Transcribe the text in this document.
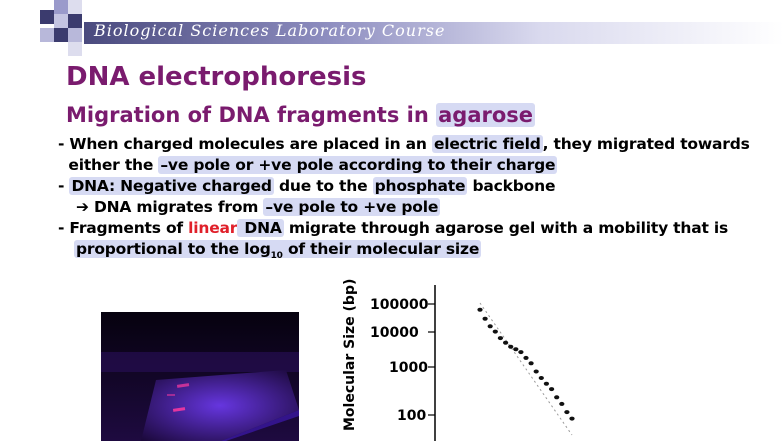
Biological Sciences Laboratory Course
DNA electrophoresis
Migration of DNA fragments in agarose
- When charged molecules are placed in an electric field , they migrated towards
either the –ve pole or +ve pole according to their charge
- DNA: Negative charged due to the phosphate backbone
➔ DNA migrates from –ve pole to +ve pole
- Fragments of linear DNA migrate through agarose gel with a mobility that is
proportional to the $\log_{10}$ of their molecular size
Molecular Size (bp) 100000
10000
1000
100
